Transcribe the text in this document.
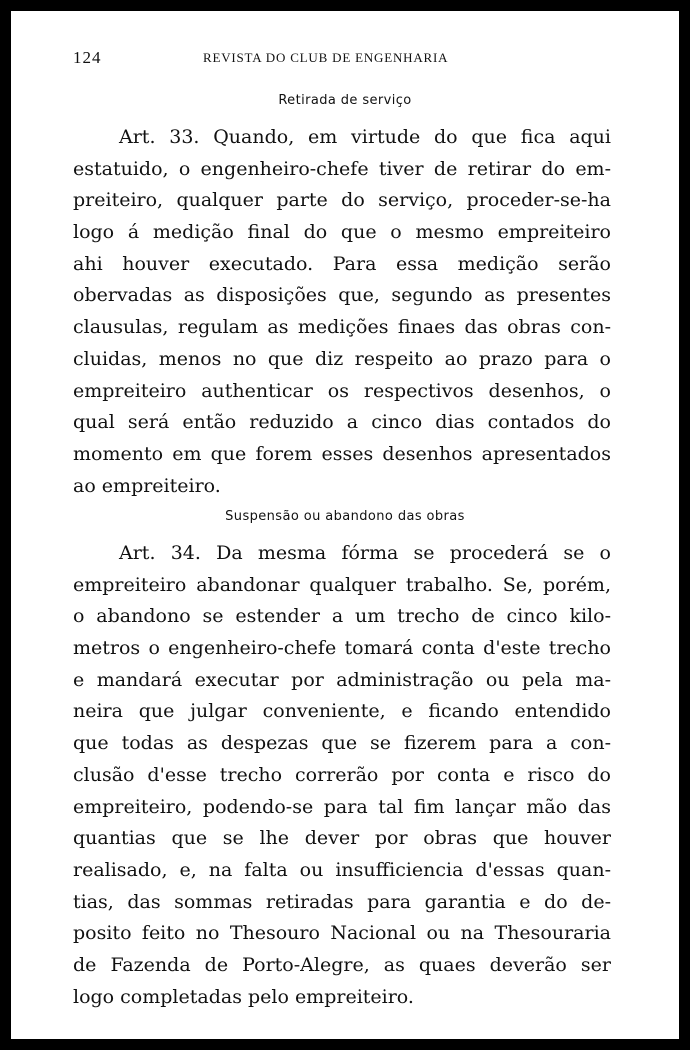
124	REVISTA DO CLUB DE ENGENHARIA
Retirada de serviço
Art. 33. Quando, em virtude do que fica aqui
estatuido, o engenheiro-chefe tiver de retirar do em-
preiteiro, qualquer parte do serviço, proceder-se-ha
logo á medição final do que o mesmo empreiteiro
ahi houver executado. Para essa medição serão
obervadas as disposições que, segundo as presentes
clausulas, regulam as medições finaes das obras con-
cluidas, menos no que diz respeito ao prazo para o
empreiteiro authenticar os respectivos desenhos, o
qual será então reduzido a cinco dias contados do
momento em que forem esses desenhos apresentados
ao empreiteiro.
Suspensão ou abandono das obras
Art. 34. Da mesma fórma se procederá se o
empreiteiro abandonar qualquer trabalho. Se, porém,
o abandono se estender a um trecho de cinco kilo-
metros o engenheiro-chefe tomará conta d'este trecho
e mandará executar por administração ou pela ma-
neira que julgar conveniente, e ficando entendido
que todas as despezas que se fizerem para a con-
clusão d'esse trecho correrão por conta e risco do
empreiteiro, podendo-se para tal fim lançar mão das
quantias que se lhe dever por obras que houver
realisado, e, na falta ou insufficiencia d'essas quan-
tias, das sommas retiradas para garantia e do de-
posito feito no Thesouro Nacional ou na Thesouraria
de Fazenda de Porto-Alegre, as quaes deverão ser
logo completadas pelo empreiteiro.
